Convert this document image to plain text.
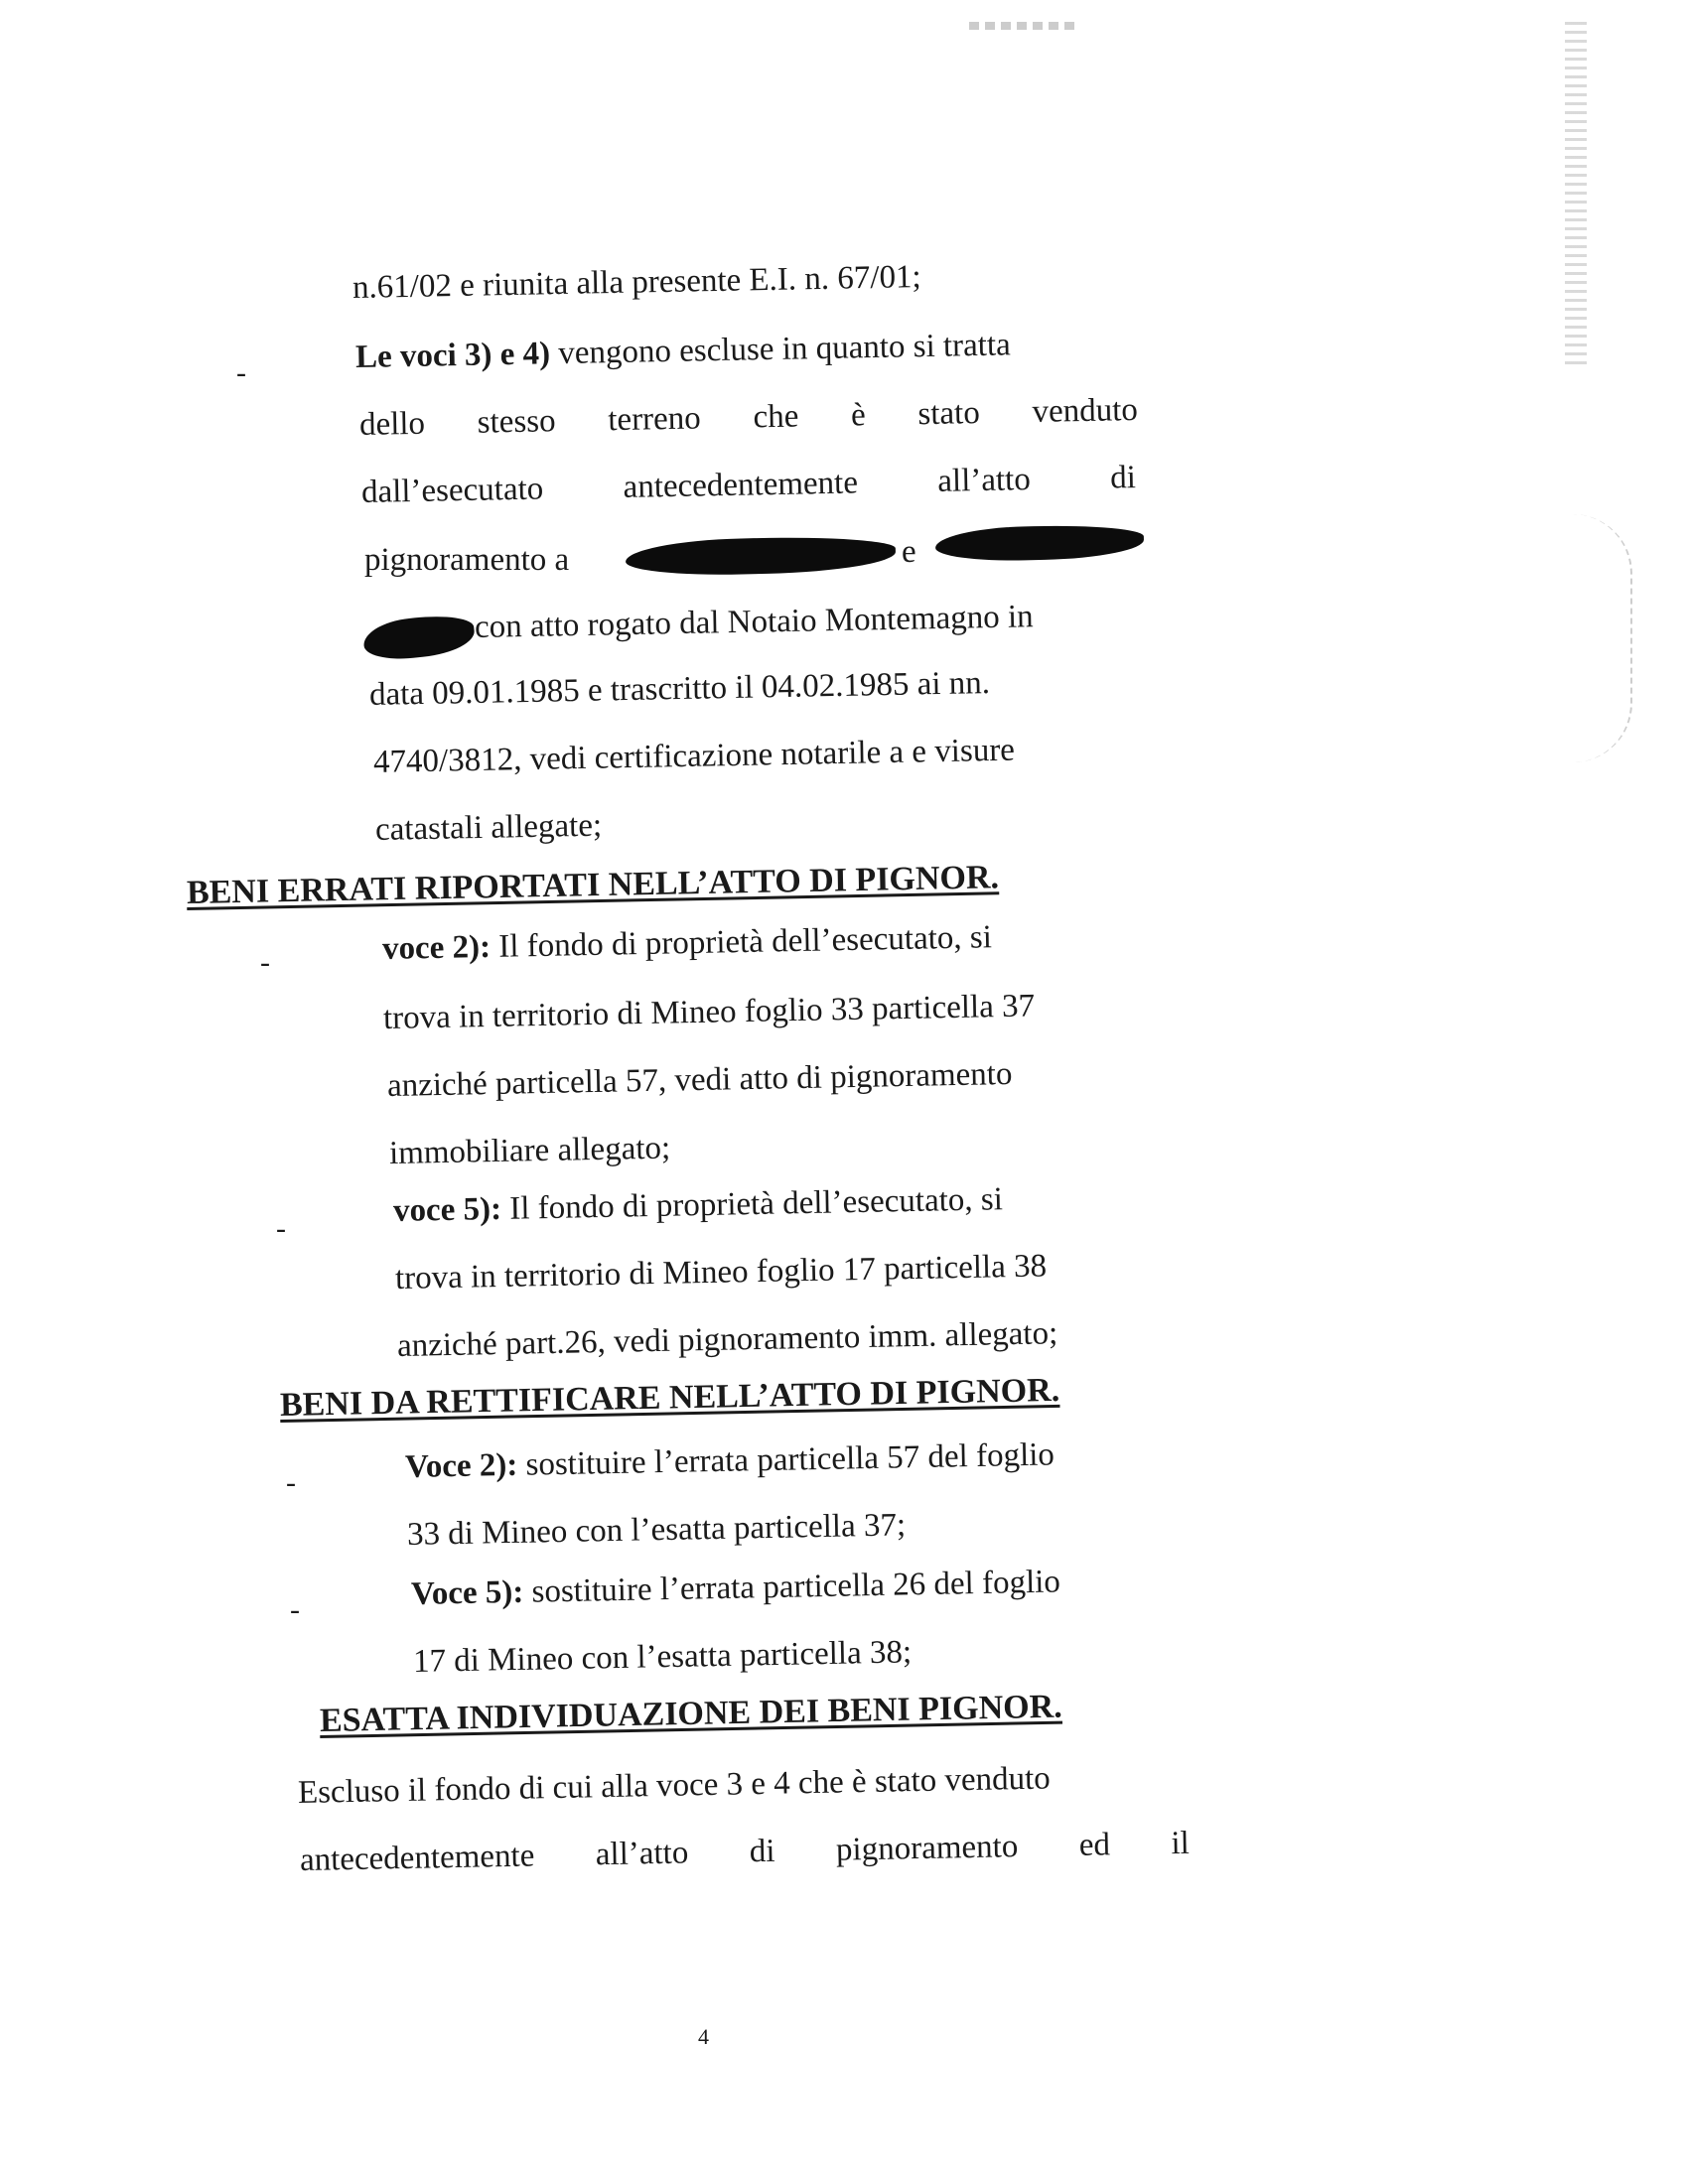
n.61/02 e riunita alla presente E.I. n. 67/01;
-	Le voci 3) e 4) vengono escluse in quanto si tratta
dello stesso terreno che è stato venduto
dall’esecutato antecedentemente all’atto di
pignoramento a	e
con atto rogato dal Notaio Montemagno in
data 09.01.1985 e trascritto il 04.02.1985 ai nn.
4740/3812, vedi certificazione notarile a e visure
catastali allegate;
BENI ERRATI RIPORTATI NELL’ATTO DI PIGNOR.
-	voce 2): Il fondo di proprietà dell’esecutato, si
trova in territorio di Mineo foglio 33 particella 37
anziché particella 57, vedi atto di pignoramento
immobiliare allegato;
-	voce 5): Il fondo di proprietà dell’esecutato, si
trova in territorio di Mineo foglio 17 particella 38
anziché part.26, vedi pignoramento imm. allegato;
BENI DA RETTIFICARE NELL’ATTO DI PIGNOR.
-	Voce 2): sostituire l’errata particella 57 del foglio
33 di Mineo con l’esatta particella 37;
-	Voce 5): sostituire l’errata particella 26 del foglio
17 di Mineo con l’esatta particella 38;
ESATTA INDIVIDUAZIONE DEI BENI PIGNOR.
Escluso il fondo di cui alla voce 3 e 4 che è stato venduto
antecedentemente all’atto di pignoramento ed il
4
